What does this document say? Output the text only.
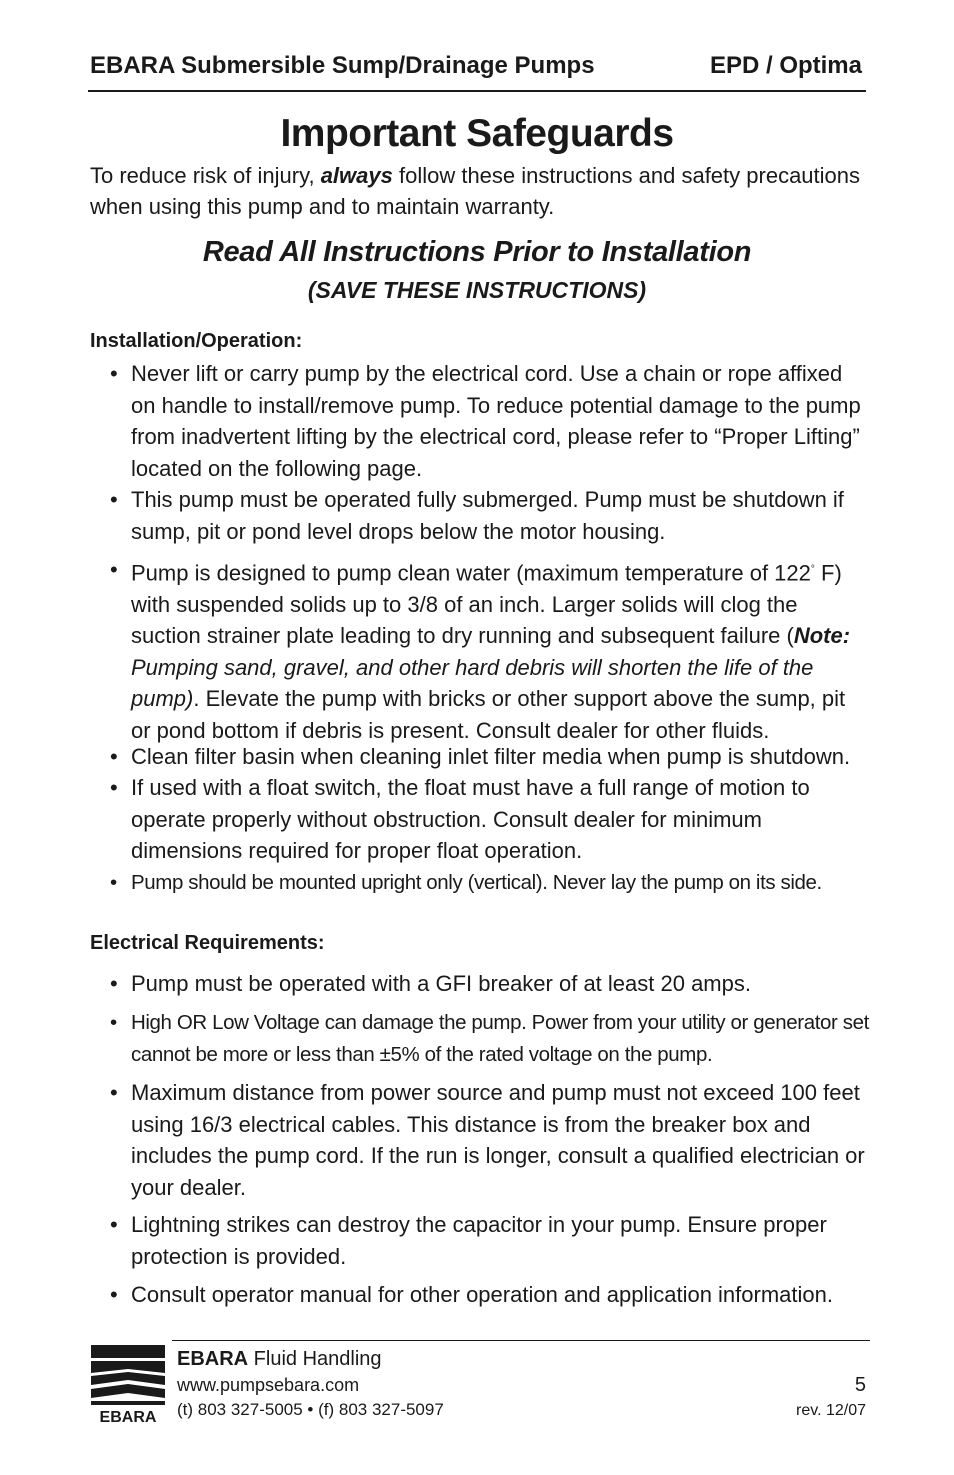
EBARA Submersible Sump/Drainage Pumps	EPD / Optima
Important Safeguards
To reduce risk of injury, always follow these instructions and safety precautions when using this pump and to maintain warranty.
Read All Instructions Prior to Installation
(SAVE THESE INSTRUCTIONS)
Installation/Operation:
• Never lift or carry pump by the electrical cord. Use a chain or rope affixed on handle to install/remove pump. To reduce potential damage to the pump from inadvertent lifting by the electrical cord, please refer to “Proper Lifting” located on the following page.
• This pump must be operated fully submerged. Pump must be shutdown if sump, pit or pond level drops below the motor housing.
• Pump is designed to pump clean water (maximum temperature of 122° F) with suspended solids up to 3/8 of an inch. Larger solids will clog the suction strainer plate leading to dry running and subsequent failure (Note: Pumping sand, gravel, and other hard debris will shorten the life of the pump). Elevate the pump with bricks or other support above the sump, pit or pond bottom if debris is present. Consult dealer for other fluids.
• Clean filter basin when cleaning inlet filter media when pump is shutdown.
• If used with a float switch, the float must have a full range of motion to operate properly without obstruction. Consult dealer for minimum dimensions required for proper float operation.
• Pump should be mounted upright only (vertical). Never lay the pump on its side.
Electrical Requirements:
• Pump must be operated with a GFI breaker of at least 20 amps.
• High OR Low Voltage can damage the pump. Power from your utility or generator set cannot be more or less than ±5% of the rated voltage on the pump.
• Maximum distance from power source and pump must not exceed 100 feet using 16/3 electrical cables. This distance is from the breaker box and includes the pump cord. If the run is longer, consult a qualified electrician or your dealer.
• Lightning strikes can destroy the capacitor in your pump. Ensure proper protection is provided.
• Consult operator manual for other operation and application information.
EBARA
EBARA Fluid Handling
www.pumpsebara.com
(t) 803 327-5005 • (f) 803 327-5097
5
rev. 12/07
